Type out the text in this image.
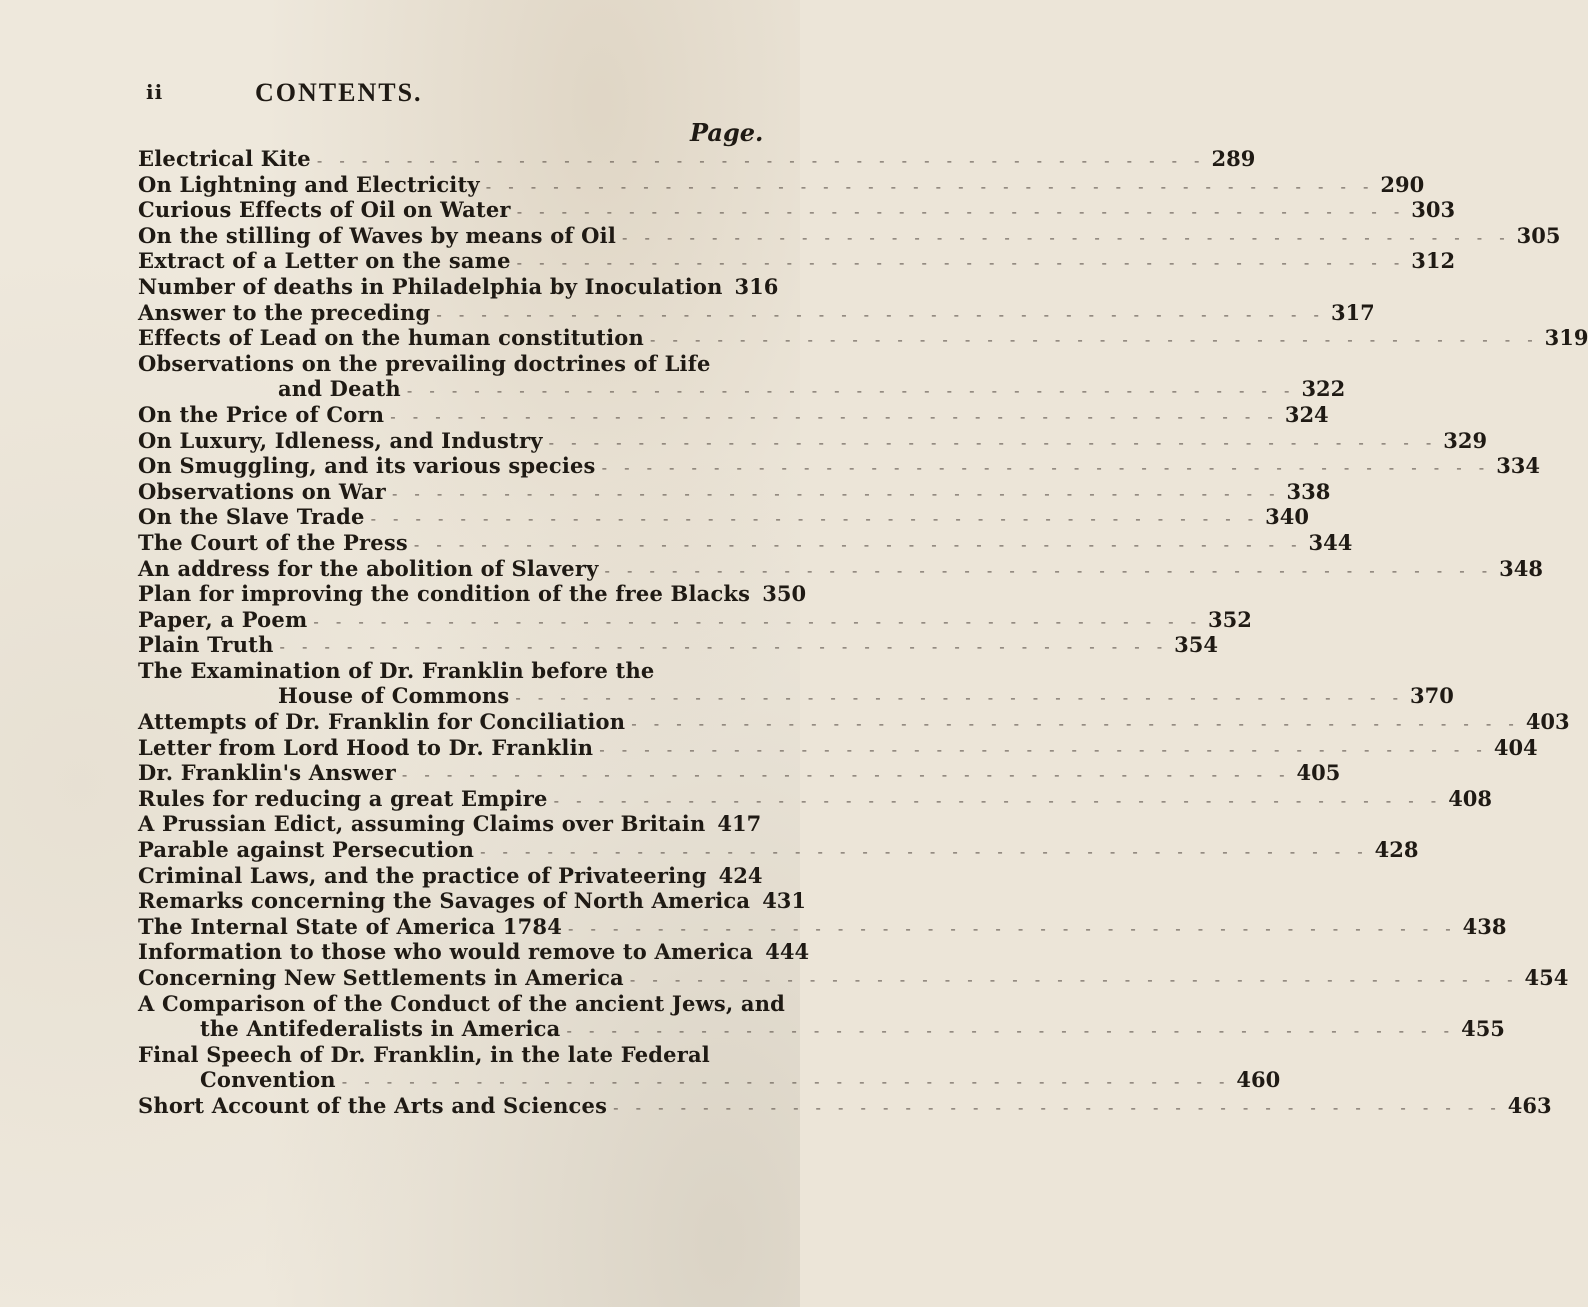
ii	CONTENTS.
Page.
Electrical Kite - - -	289
On Lightning and Electricity - - -	290
Curious Effects of Oil on Water - - -	303
On the stilling of Waves by means of Oil - - -	305
Extract of a Letter on the same - - -	312
Number of deaths in Philadelphia by Inoculation 316
Answer to the preceding - - -	317
Effects of Lead on the human constitution - - -	319
Observations on the prevailing doctrines of Life
and Death - - -	322
On the Price of Corn - - -	324
On Luxury, Idleness, and Industry - - -	329
On Smuggling, and its various species - - -	334
Observations on War - - -	338
On the Slave Trade - - -	340
The Court of the Press - - -	344
An address for the abolition of Slavery - - -	348
Plan for improving the condition of the free Blacks 350
Paper, a Poem - - -	352
Plain Truth - - -	354
The Examination of Dr. Franklin before the
House of Commons - - -	370
Attempts of Dr. Franklin for Conciliation - - -	403
Letter from Lord Hood to Dr. Franklin - - -	404
Dr. Franklin's Answer - - -	405
Rules for reducing a great Empire - - -	408
A Prussian Edict, assuming Claims over Britain 417
Parable against Persecution - - -	428
Criminal Laws, and the practice of Privateering 424
Remarks concerning the Savages of North America 431
The Internal State of America 1784 - - -	438
Information to those who would remove to America 444
Concerning New Settlements in America - - -	454
A Comparison of the Conduct of the ancient Jews, and
the Antifederalists in America - - -	455
Final Speech of Dr. Franklin, in the late Federal
Convention - - -	460
Short Account of the Arts and Sciences - - -	463
